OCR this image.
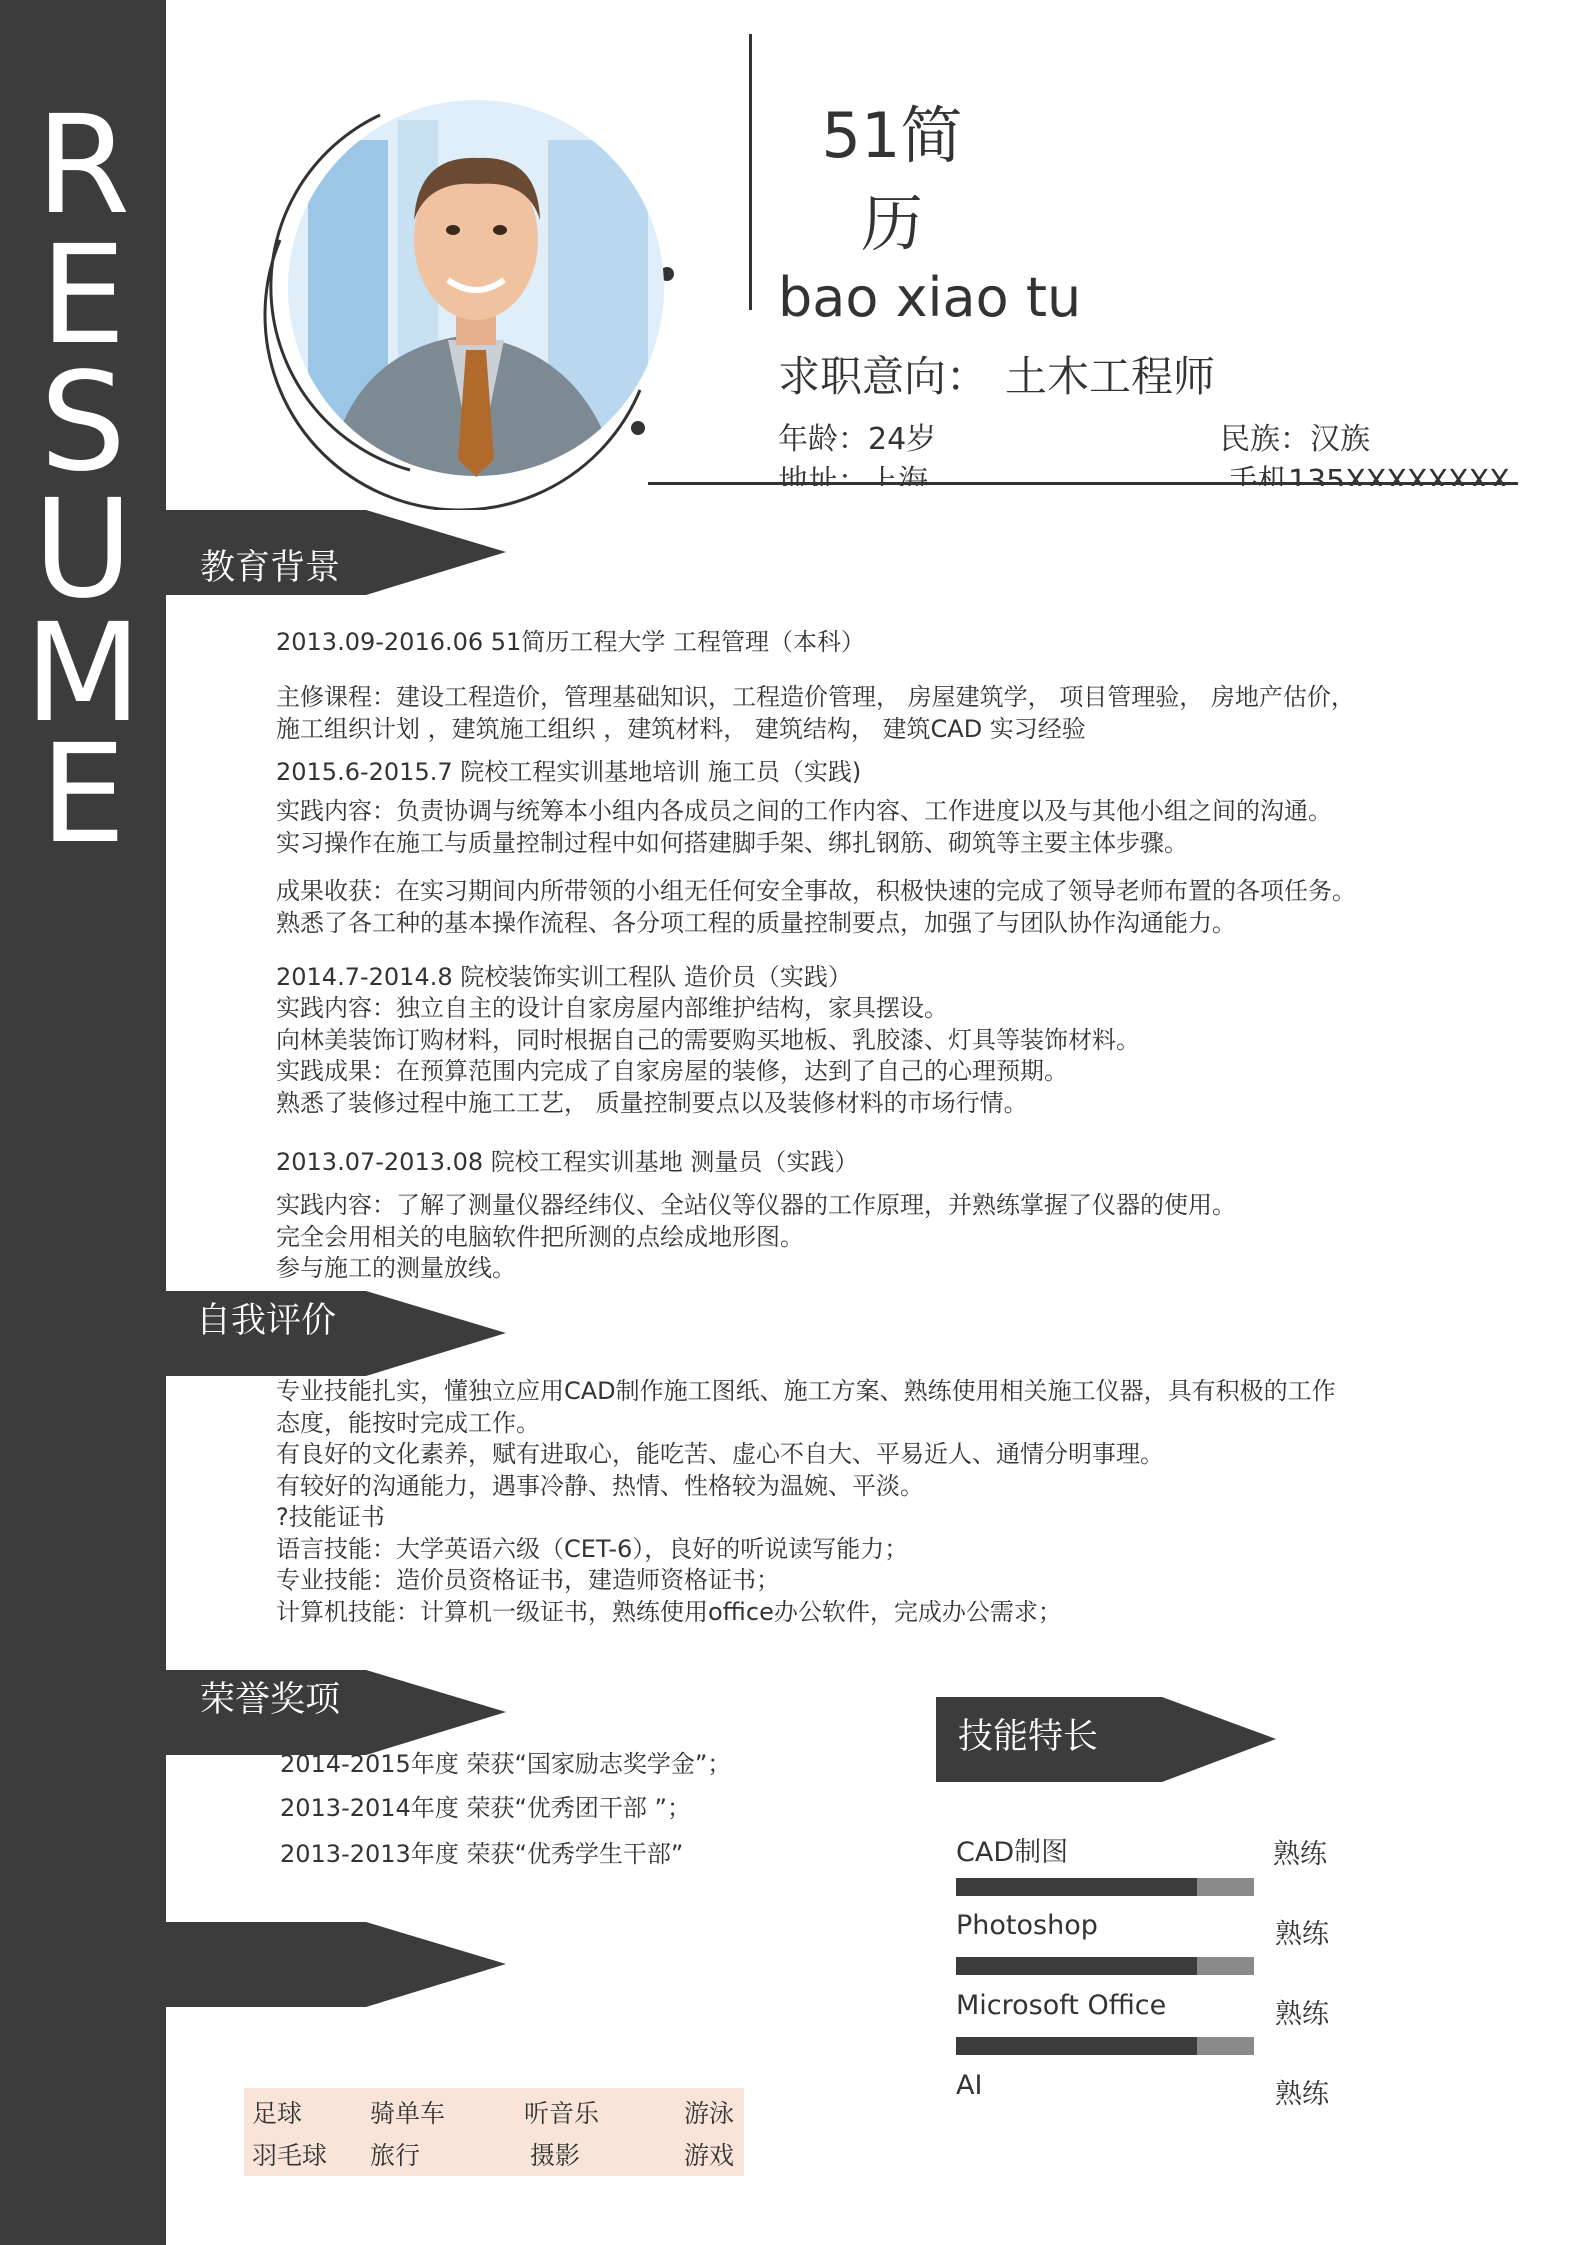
R
E
S
U
M
E
51简
历
bao xiao tu
求职意向： 土木工程师
年龄：24岁	民族：汉族
教育背景
2013.09-2016.06 51简历工程大学 工程管理（本科）
主修课程：建设工程造价，管理基础知识，工程造价管理， 房屋建筑学， 项目管理验， 房地产估价，
施工组织计划 ，建筑施工组织 ，建筑材料， 建筑结构， 建筑CAD 实习经验
2015.6-2015.7 院校工程实训基地培训 施工员（实践)
实践内容：负责协调与统筹本小组内各成员之间的工作内容、工作进度以及与其他小组之间的沟通。
实习操作在施工与质量控制过程中如何搭建脚手架、绑扎钢筋、砌筑等主要主体步骤。
成果收获：在实习期间内所带领的小组无任何安全事故，积极快速的完成了领导老师布置的各项任务。
熟悉了各工种的基本操作流程、各分项工程的质量控制要点，加强了与团队协作沟通能力。
2014.7-2014.8 院校装饰实训工程队 造价员（实践）
实践内容：独立自主的设计自家房屋内部维护结构，家具摆设。
向林美装饰订购材料，同时根据自己的需要购买地板、乳胶漆、灯具等装饰材料。
实践成果：在预算范围内完成了自家房屋的装修，达到了自己的心理预期。
熟悉了装修过程中施工工艺， 质量控制要点以及装修材料的市场行情。
2013.07-2013.08 院校工程实训基地 测量员（实践）
实践内容：了解了测量仪器经纬仪、全站仪等仪器的工作原理，并熟练掌握了仪器的使用。
完全会用相关的电脑软件把所测的点绘成地形图。
参与施工的测量放线。
自我评价
专业技能扎实，懂独立应用CAD制作施工图纸、施工方案、熟练使用相关施工仪器，具有积极的工作
态度，能按时完成工作。
有良好的文化素养，赋有进取心，能吃苦、虚心不自大、平易近人、通情分明事理。
有较好的沟通能力，遇事冷静、热情、性格较为温婉、平淡。
?技能证书
语言技能：大学英语六级（CET-6），良好的听说读写能力；
专业技能：造价员资格证书，建造师资格证书；
计算机技能：计算机一级证书，熟练使用office办公软件，完成办公需求；
荣誉奖项
2014-2015年度 荣获“国家励志奖学金”；
2013-2014年度 荣获“优秀团干部 ”；
2013-2013年度 荣获“优秀学生干部”
技能特长
CAD制图	熟练
Photoshop	熟练
Microsoft Office	熟练
AI	熟练
足球	骑单车	听音乐	游泳
羽毛球 旅行	摄影	游戏
